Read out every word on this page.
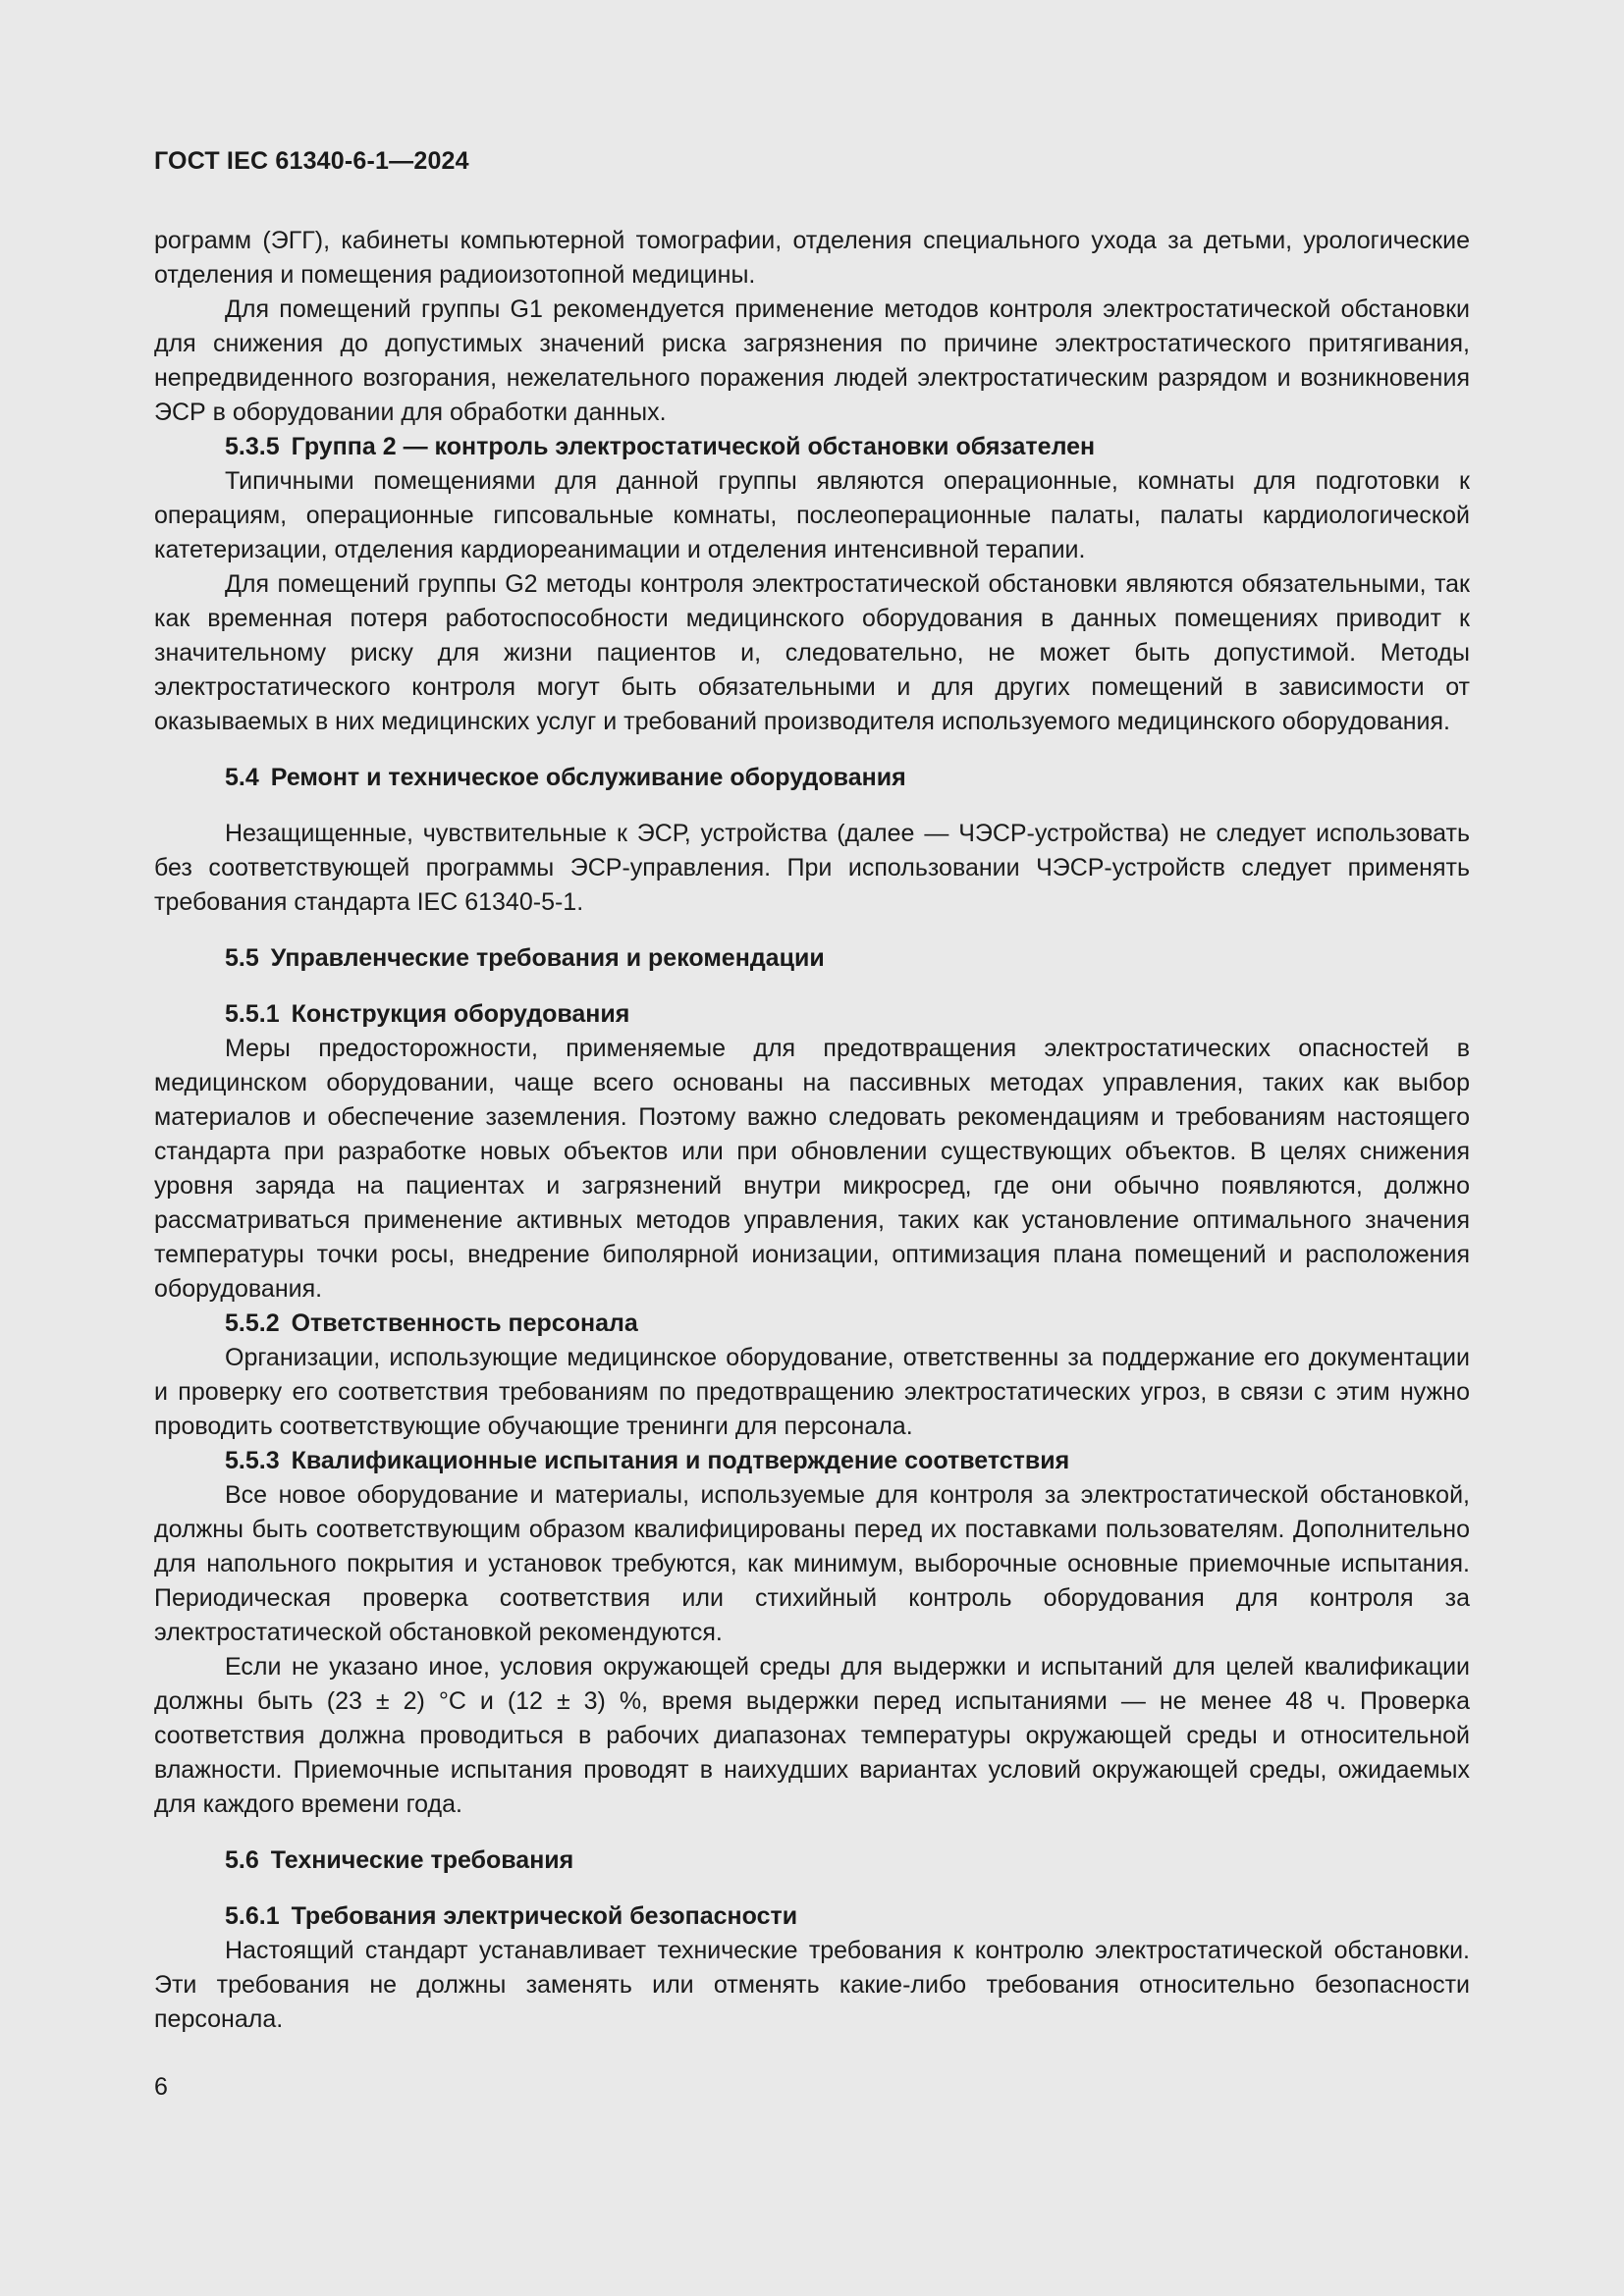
ГОСТ IEC 61340-6-1—2024

рограмм (ЭГГ), кабинеты компьютерной томографии, отделения специального ухода за детьми, урологические отделения и помещения радиоизотопной медицины.

Для помещений группы G1 рекомендуется применение методов контроля электростатической обстановки для снижения до допустимых значений риска загрязнения по причине электростатического притягивания, непредвиденного возгорания, нежелательного поражения людей электростатическим разрядом и возникновения ЭСР в оборудовании для обработки данных.

5.3.5 Группа 2 — контроль электростатической обстановки обязателен

Типичными помещениями для данной группы являются операционные, комнаты для подготовки к операциям, операционные гипсовальные комнаты, послеоперационные палаты, палаты кардиологической катетеризации, отделения кардиореанимации и отделения интенсивной терапии.

Для помещений группы G2 методы контроля электростатической обстановки являются обязательными, так как временная потеря работоспособности медицинского оборудования в данных помещениях приводит к значительному риску для жизни пациентов и, следовательно, не может быть допустимой. Методы электростатического контроля могут быть обязательными и для других помещений в зависимости от оказываемых в них медицинских услуг и требований производителя используемого медицинского оборудования.

5.4 Ремонт и техническое обслуживание оборудования

Незащищенные, чувствительные к ЭСР, устройства (далее — ЧЭСР-устройства) не следует использовать без соответствующей программы ЭСР-управления. При использовании ЧЭСР-устройств следует применять требования стандарта IEC 61340-5-1.

5.5 Управленческие требования и рекомендации
5.5.1 Конструкция оборудования

Меры предосторожности, применяемые для предотвращения электростатических опасностей в медицинском оборудовании, чаще всего основаны на пассивных методах управления, таких как выбор материалов и обеспечение заземления. Поэтому важно следовать рекомендациям и требованиям настоящего стандарта при разработке новых объектов или при обновлении существующих объектов. В целях снижения уровня заряда на пациентах и загрязнений внутри микросред, где они обычно появляются, должно рассматриваться применение активных методов управления, таких как установление оптимального значения температуры точки росы, внедрение биполярной ионизации, оптимизация плана помещений и расположения оборудования.

5.5.2 Ответственность персонала

Организации, использующие медицинское оборудование, ответственны за поддержание его документации и проверку его соответствия требованиям по предотвращению электростатических угроз, в связи с этим нужно проводить соответствующие обучающие тренинги для персонала.

5.5.3 Квалификационные испытания и подтверждение соответствия

Все новое оборудование и материалы, используемые для контроля за электростатической обстановкой, должны быть соответствующим образом квалифицированы перед их поставками пользователям. Дополнительно для напольного покрытия и установок требуются, как минимум, выборочные основные приемочные испытания. Периодическая проверка соответствия или стихийный контроль оборудования для контроля за электростатической обстановкой рекомендуются.

Если не указано иное, условия окружающей среды для выдержки и испытаний для целей квалификации должны быть (23 ± 2) °С и (12 ± 3) %, время выдержки перед испытаниями — не менее 48 ч. Проверка соответствия должна проводиться в рабочих диапазонах температуры окружающей среды и относительной влажности. Приемочные испытания проводят в наихудших вариантах условий окружающей среды, ожидаемых для каждого времени года.

5.6 Технические требования
5.6.1 Требования электрической безопасности

Настоящий стандарт устанавливает технические требования к контролю электростатической обстановки. Эти требования не должны заменять или отменять какие-либо требования относительно безопасности персонала.

6
